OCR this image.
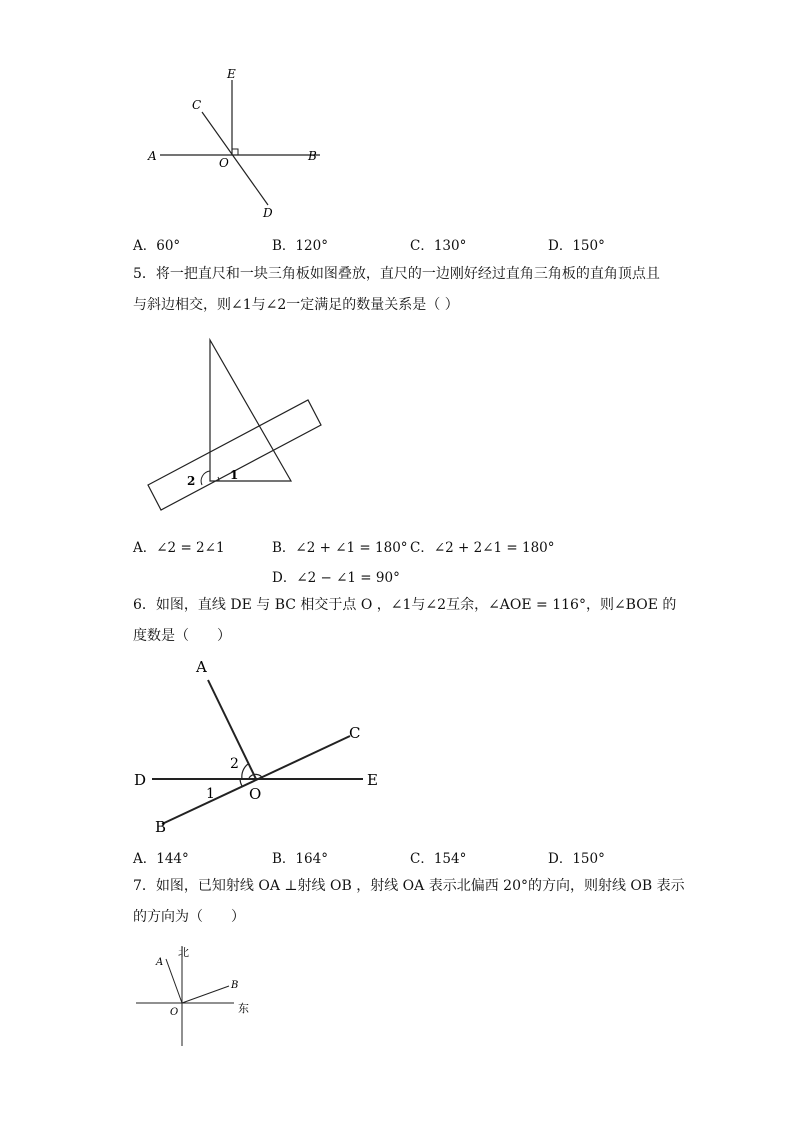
E
C
A	O	B
D
A．60°	B．120°	C．130°	D．150°
5．将一把直尺和一块三角板如图叠放，直尺的一边刚好经过直角三角板的直角顶点且
与斜边相交，则∠1与∠2一定满足的数量关系是（ ）
2	1
A．∠2 = 2∠1	B．∠2 + ∠1 = 180° C．∠2 + 2∠1 = 180°
D．∠2 − ∠1 = 90°
6．如图，直线 DE 与 BC 相交于点 O ，∠1与∠2互余，∠AOE = 116°，则∠BOE 的
度数是（　　）
A
C
D	E
O
B
2
1
A．144°	B．164°	C．154°	D．150°
7．如图，已知射线 OA ⊥射线 OB ，射线 OA 表示北偏西 20°的方向，则射线 OB 表示
的方向为（　　）
北
A
B
O	东
